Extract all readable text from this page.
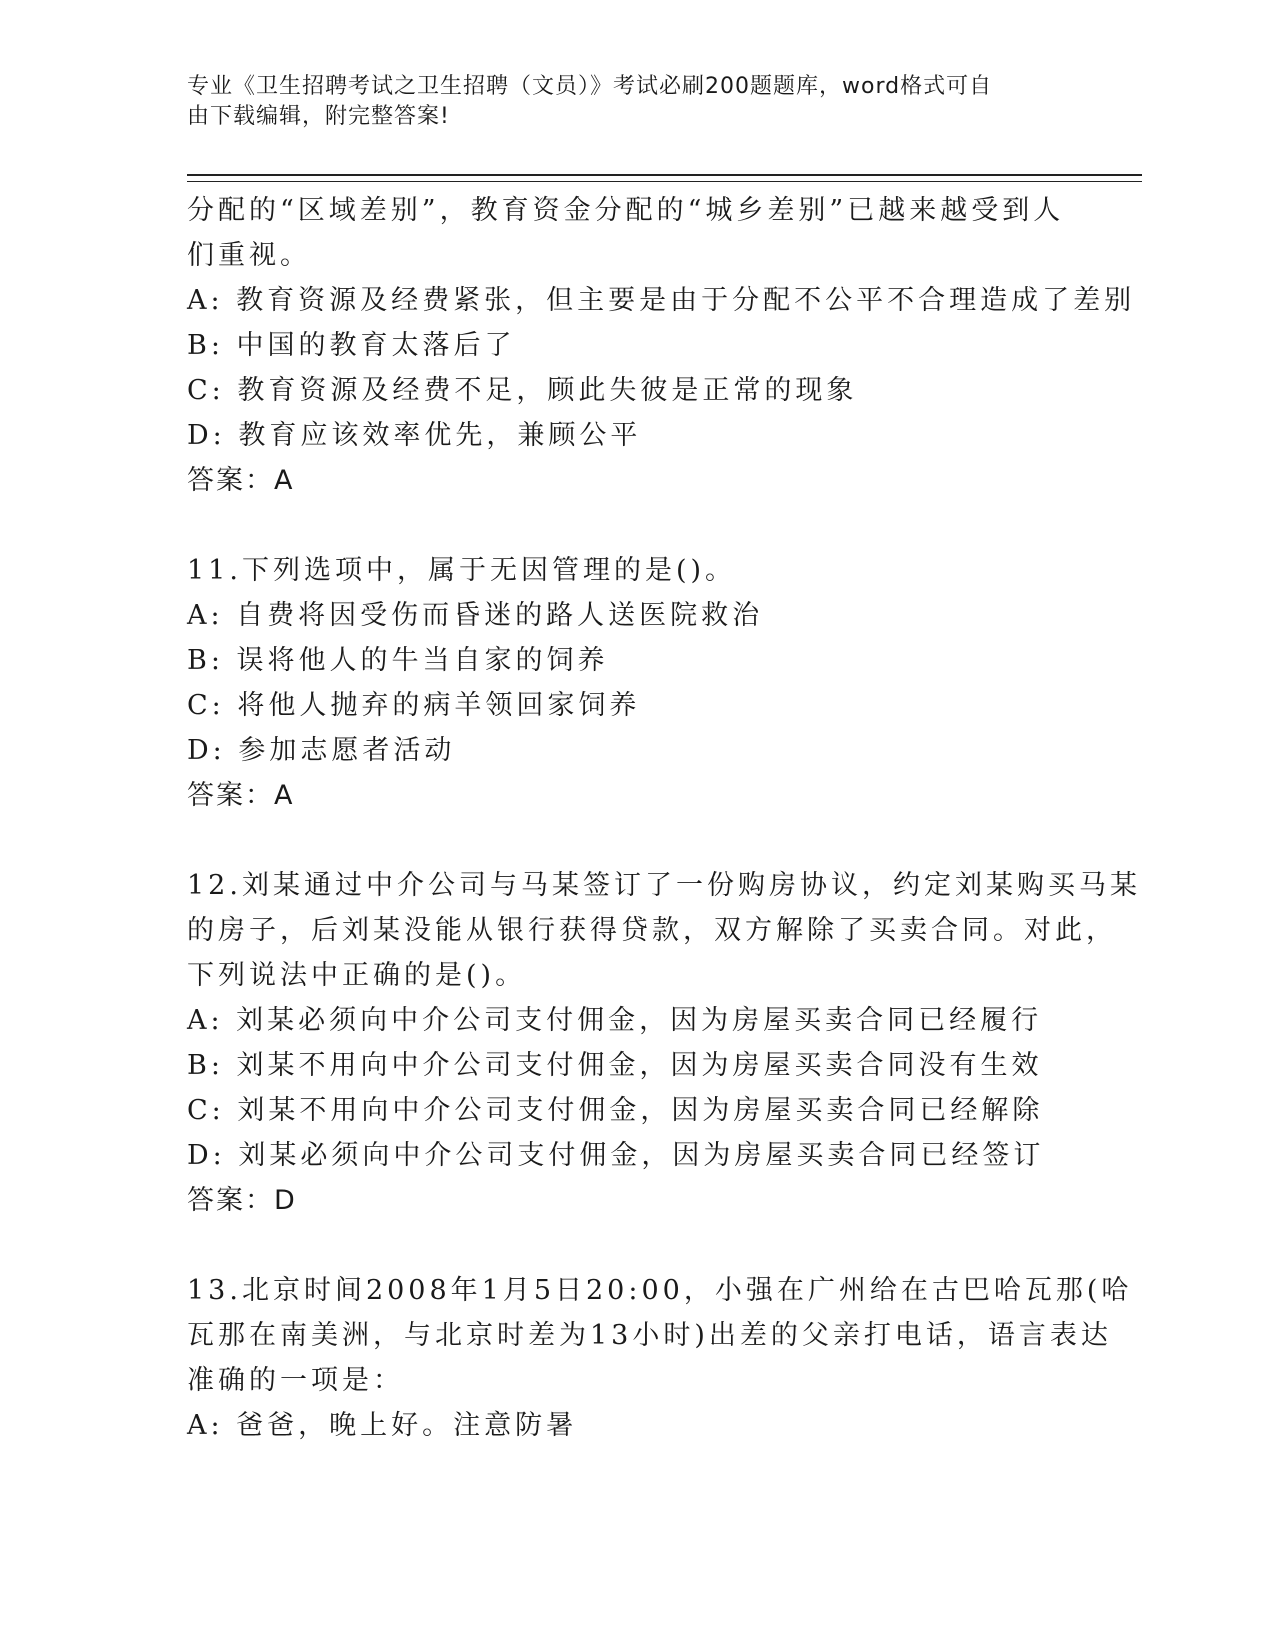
专业《卫生招聘考试之卫生招聘（文员）》考试必刷200题题库，word格式可自
由下载编辑，附完整答案!
分配的“区域差别”，教育资金分配的“城乡差别”已越来越受到人
们重视。
A: 教育资源及经费紧张，但主要是由于分配不公平不合理造成了差别
B: 中国的教育太落后了
C: 教育资源及经费不足，顾此失彼是正常的现象
D: 教育应该效率优先，兼顾公平
答案：A
11.下列选项中，属于无因管理的是()。
A: 自费将因受伤而昏迷的路人送医院救治
B: 误将他人的牛当自家的饲养
C: 将他人抛弃的病羊领回家饲养
D: 参加志愿者活动
答案：A
12.刘某通过中介公司与马某签订了一份购房协议，约定刘某购买马某
的房子，后刘某没能从银行获得贷款，双方解除了买卖合同。对此，
下列说法中正确的是()。
A: 刘某必须向中介公司支付佣金，因为房屋买卖合同已经履行
B: 刘某不用向中介公司支付佣金，因为房屋买卖合同没有生效
C: 刘某不用向中介公司支付佣金，因为房屋买卖合同已经解除
D: 刘某必须向中介公司支付佣金，因为房屋买卖合同已经签订
答案：D
13.北京时间2008年1月5日20:00，小强在广州给在古巴哈瓦那(哈
瓦那在南美洲，与北京时差为13小时)出差的父亲打电话，语言表达
准确的一项是：
A: 爸爸，晚上好。注意防暑
